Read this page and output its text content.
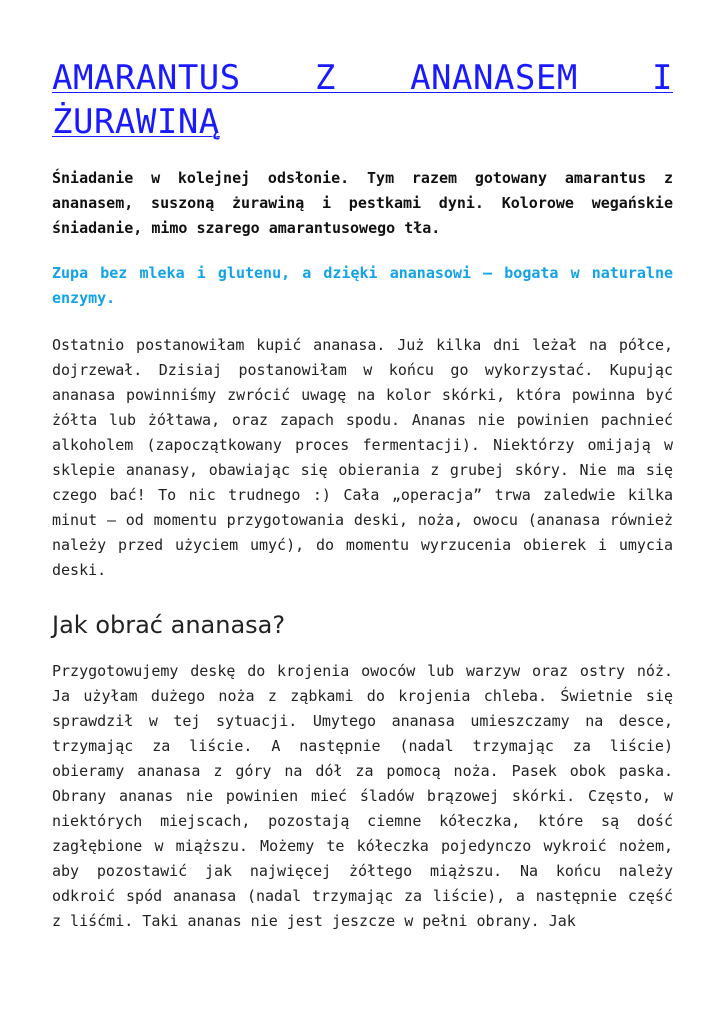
AMARANTUS Z ANANASEM I
ŻURAWINĄ

Śniadanie w kolejnej odsłonie. Tym razem gotowany amarantus z ananasem, suszoną żurawiną i pestkami dyni. Kolorowe wegańskie śniadanie, mimo szarego amarantusowego tła.

Zupa bez mleka i glutenu, a dzięki ananasowi – bogata w naturalne enzymy.

Ostatnio postanowiłam kupić ananasa. Już kilka dni leżał na półce, dojrzewał. Dzisiaj postanowiłam w końcu go wykorzystać. Kupując ananasa powinniśmy zwrócić uwagę na kolor skórki, która powinna być żółta lub żółtawa, oraz zapach spodu. Ananas nie powinien pachnieć alkoholem (zapoczątkowany proces fermentacji). Niektórzy omijają w sklepie ananasy, obawiając się obierania z grubej skóry. Nie ma się czego bać! To nic trudnego :) Cała „operacja” trwa zaledwie kilka minut – od momentu przygotowania deski, noża, owocu (ananasa również należy przed użyciem umyć), do momentu wyrzucenia obierek i umycia deski.

Jak obrać ananasa?

Przygotowujemy deskę do krojenia owoców lub warzyw oraz ostry nóż. Ja użyłam dużego noża z ząbkami do krojenia chleba. Świetnie się sprawdził w tej sytuacji. Umytego ananasa umieszczamy na desce, trzymając za liście. A następnie (nadal trzymając za liście) obieramy ananasa z góry na dół za pomocą noża. Pasek obok paska. Obrany ananas nie powinien mieć śladów brązowej skórki. Często, w niektórych miejscach, pozostają ciemne kółeczka, które są dość zagłębione w miąższu. Możemy te kółeczka pojedynczo wykroić nożem, aby pozostawić jak najwięcej żółtego miąższu. Na końcu należy odkroić spód ananasa (nadal trzymając za liście), a następnie część z liśćmi. Taki ananas nie jest jeszcze w pełni obrany. Jak
